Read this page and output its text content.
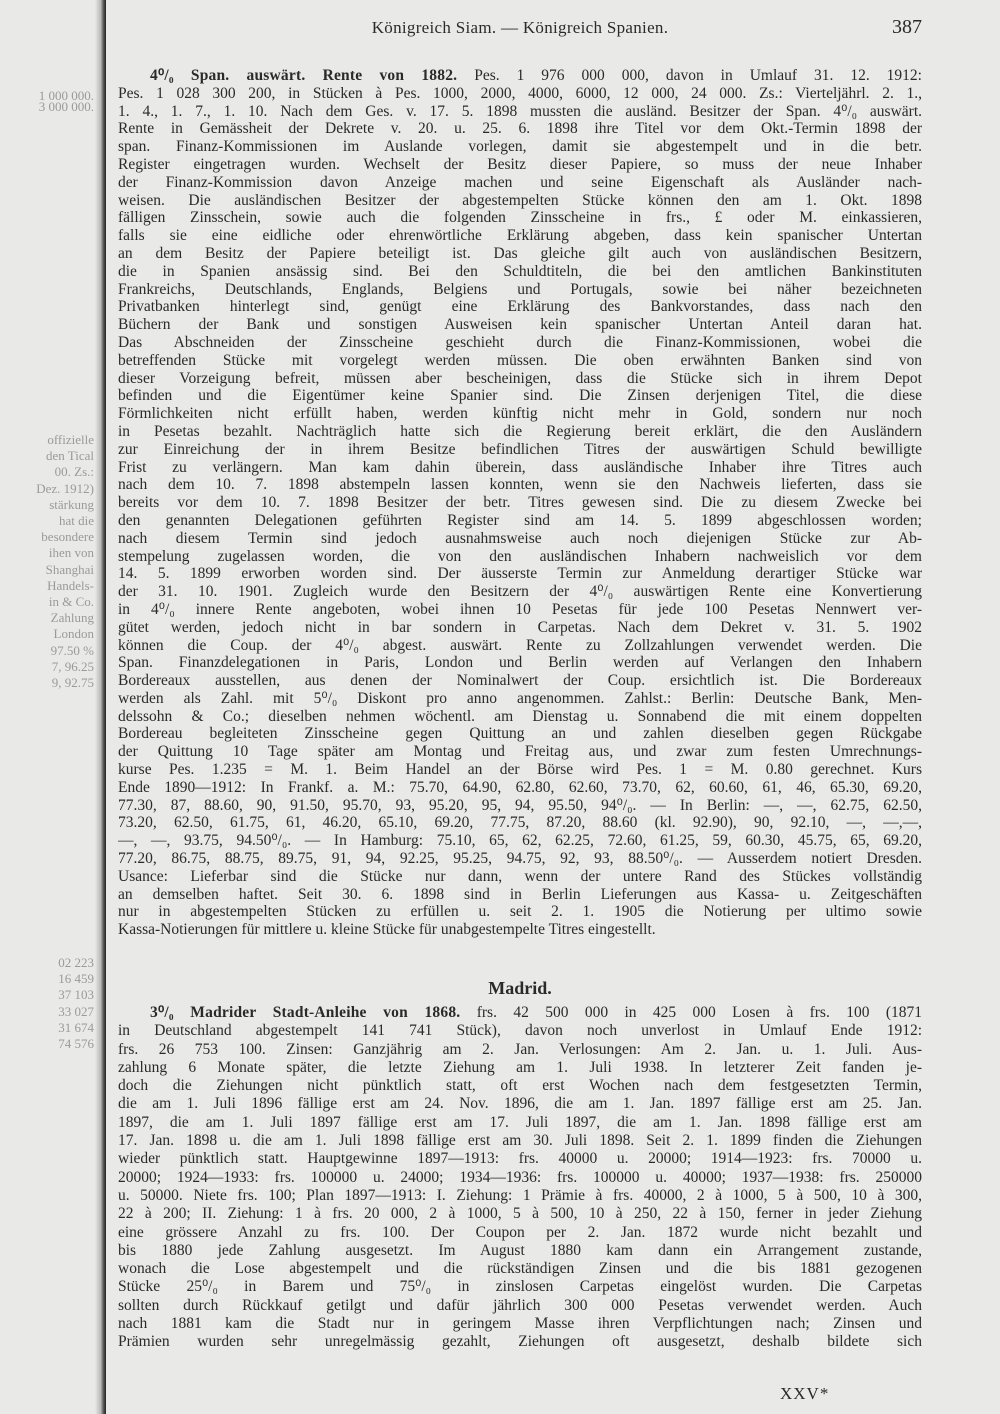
Königreich Siam. — Königreich Spanien.	387
4⁰/₀ Span. auswärt. Rente von 1882. Pes. 1 976 000 000, davon in Umlauf 31. 12. 1912:
Pes. 1 028 300 200, in Stücken à Pes. 1000, 2000, 4000, 6000, 12 000, 24 000. Zs.: Vierteljährl. 2. 1.,
1. 4., 1. 7., 1. 10. Nach dem Ges. v. 17. 5. 1898 mussten die ausländ. Besitzer der Span. 4⁰/₀ auswärt.
Rente in Gemässheit der Dekrete v. 20. u. 25. 6. 1898 ihre Titel vor dem Okt.-Termin 1898 der
span. Finanz-Kommissionen im Auslande vorlegen, damit sie abgestempelt und in die betr.
Register eingetragen wurden. Wechselt der Besitz dieser Papiere, so muss der neue Inhaber
der Finanz-Kommission davon Anzeige machen und seine Eigenschaft als Ausländer nach-
weisen. Die ausländischen Besitzer der abgestempelten Stücke können den am 1. Okt. 1898
fälligen Zinsschein, sowie auch die folgenden Zinsscheine in frs., £ oder M. einkassieren,
falls sie eine eidliche oder ehrenwörtliche Erklärung abgeben, dass kein spanischer Untertan
an dem Besitz der Papiere beteiligt ist. Das gleiche gilt auch von ausländischen Besitzern,
die in Spanien ansässig sind. Bei den Schuldtiteln, die bei den amtlichen Bankinstituten
Frankreichs, Deutschlands, Englands, Belgiens und Portugals, sowie bei näher bezeichneten
Privatbanken hinterlegt sind, genügt eine Erklärung des Bankvorstandes, dass nach den
Büchern der Bank und sonstigen Ausweisen kein spanischer Untertan Anteil daran hat.
Das Abschneiden der Zinsscheine geschieht durch die Finanz-Kommissionen, wobei die
betreffenden Stücke mit vorgelegt werden müssen. Die oben erwähnten Banken sind von
dieser Vorzeigung befreit, müssen aber bescheinigen, dass die Stücke sich in ihrem Depot
befinden und die Eigentümer keine Spanier sind. Die Zinsen derjenigen Titel, die diese
Förmlichkeiten nicht erfüllt haben, werden künftig nicht mehr in Gold, sondern nur noch
in Pesetas bezahlt. Nachträglich hatte sich die Regierung bereit erklärt, die den Ausländern
zur Einreichung der in ihrem Besitze befindlichen Titres der auswärtigen Schuld bewilligte
Frist zu verlängern. Man kam dahin überein, dass ausländische Inhaber ihre Titres auch
nach dem 10. 7. 1898 abstempeln lassen konnten, wenn sie den Nachweis lieferten, dass sie
bereits vor dem 10. 7. 1898 Besitzer der betr. Titres gewesen sind. Die zu diesem Zwecke bei
den genannten Delegationen geführten Register sind am 14. 5. 1899 abgeschlossen worden;
nach diesem Termin sind jedoch ausnahmsweise auch noch diejenigen Stücke zur Ab-
stempelung zugelassen worden, die von den ausländischen Inhabern nachweislich vor dem
14. 5. 1899 erworben worden sind. Der äusserste Termin zur Anmeldung derartiger Stücke war
der 31. 10. 1901. Zugleich wurde den Besitzern der 4⁰/₀ auswärtigen Rente eine Konvertierung
in 4⁰/₀ innere Rente angeboten, wobei ihnen 10 Pesetas für jede 100 Pesetas Nennwert ver-
gütet werden, jedoch nicht in bar sondern in Carpetas. Nach dem Dekret v. 31. 5. 1902
können die Coup. der 4⁰/₀ abgest. auswärt. Rente zu Zollzahlungen verwendet werden. Die
Span. Finanzdelegationen in Paris, London und Berlin werden auf Verlangen den Inhabern
Bordereaux ausstellen, aus denen der Nominalwert der Coup. ersichtlich ist. Die Bordereaux
werden als Zahl. mit 5⁰/₀ Diskont pro anno angenommen. Zahlst.: Berlin: Deutsche Bank, Men-
delssohn & Co.; dieselben nehmen wöchentl. am Dienstag u. Sonnabend die mit einem doppelten
Bordereau begleiteten Zinsscheine gegen Quittung an und zahlen dieselben gegen Rückgabe
der Quittung 10 Tage später am Montag und Freitag aus, und zwar zum festen Umrechnungs-
kurse Pes. 1.235 = M. 1. Beim Handel an der Börse wird Pes. 1 = M. 0.80 gerechnet. Kurs
Ende 1890—1912: In Frankf. a. M.: 75.70, 64.90, 62.80, 62.60, 73.70, 62, 60.60, 61, 46, 65.30, 69.20,
77.30, 87, 88.60, 90, 91.50, 95.70, 93, 95.20, 95, 94, 95.50, 94⁰/₀. — In Berlin: —, —, 62.75, 62.50,
73.20, 62.50, 61.75, 61, 46.20, 65.10, 69.20, 77.75, 87.20, 88.60 (kl. 92.90), 90, 92.10, —, —,—,
—, —, 93.75, 94.50⁰/₀. — In Hamburg: 75.10, 65, 62, 62.25, 72.60, 61.25, 59, 60.30, 45.75, 65, 69.20,
77.20, 86.75, 88.75, 89.75, 91, 94, 92.25, 95.25, 94.75, 92, 93, 88.50⁰/₀. — Ausserdem notiert Dresden.
Usance: Lieferbar sind die Stücke nur dann, wenn der untere Rand des Stückes vollständig
an demselben haftet. Seit 30. 6. 1898 sind in Berlin Lieferungen aus Kassa- u. Zeitgeschäften
nur in abgestempelten Stücken zu erfüllen u. seit 2. 1. 1905 die Notierung per ultimo sowie
Kassa-Notierungen für mittlere u. kleine Stücke für unabgestempelte Titres eingestellt.
Madrid.
3⁰/₀ Madrider Stadt-Anleihe von 1868. frs. 42 500 000 in 425 000 Losen à frs. 100 (1871
in Deutschland abgestempelt 141 741 Stück), davon noch unverlost in Umlauf Ende 1912:
frs. 26 753 100. Zinsen: Ganzjährig am 2. Jan. Verlosungen: Am 2. Jan. u. 1. Juli. Aus-
zahlung 6 Monate später, die letzte Ziehung am 1. Juli 1938. In letzterer Zeit fanden je-
doch die Ziehungen nicht pünktlich statt, oft erst Wochen nach dem festgesetzten Termin,
die am 1. Juli 1896 fällige erst am 24. Nov. 1896, die am 1. Jan. 1897 fällige erst am 25. Jan.
1897, die am 1. Juli 1897 fällige erst am 17. Juli 1897, die am 1. Jan. 1898 fällige erst am
17. Jan. 1898 u. die am 1. Juli 1898 fällige erst am 30. Juli 1898. Seit 2. 1. 1899 finden die Ziehungen
wieder pünktlich statt. Hauptgewinne 1897—1913: frs. 40000 u. 20000; 1914—1923: frs. 70000 u.
20000; 1924—1933: frs. 100000 u. 24000; 1934—1936: frs. 100000 u. 40000; 1937—1938: frs. 250000
u. 50000. Niete frs. 100; Plan 1897—1913: I. Ziehung: 1 Prämie à frs. 40000, 2 à 1000, 5 à 500, 10 à 300,
22 à 200; II. Ziehung: 1 à frs. 20 000, 2 à 1000, 5 à 500, 10 à 250, 22 à 150, ferner in jeder Ziehung
eine grössere Anzahl zu frs. 100. Der Coupon per 2. Jan. 1872 wurde nicht bezahlt und
bis 1880 jede Zahlung ausgesetzt. Im August 1880 kam dann ein Arrangement zustande,
wonach die Lose abgestempelt und die rückständigen Zinsen und die bis 1881 gezogenen
Stücke 25⁰/₀ in Barem und 75⁰/₀ in zinslosen Carpetas eingelöst wurden. Die Carpetas
sollten durch Rückkauf getilgt und dafür jährlich 300 000 Pesetas verwendet werden. Auch
nach 1881 kam die Stadt nur in geringem Masse ihren Verpflichtungen nach; Zinsen und
Prämien wurden sehr unregelmässig gezahlt, Ziehungen oft ausgesetzt, deshalb bildete sich
XXV*
1 000 000.
3 000 000.
offizielle
den Tical
00. Zs.:
Dez. 1912)
stärkung
hat die
besondere
ihen von
Shanghai
Handels-
in & Co.
Zahlung
London
97.50 %
7, 96.25
9, 92.75
02 223
16 459
37 103
33 027
31 674
74 576
